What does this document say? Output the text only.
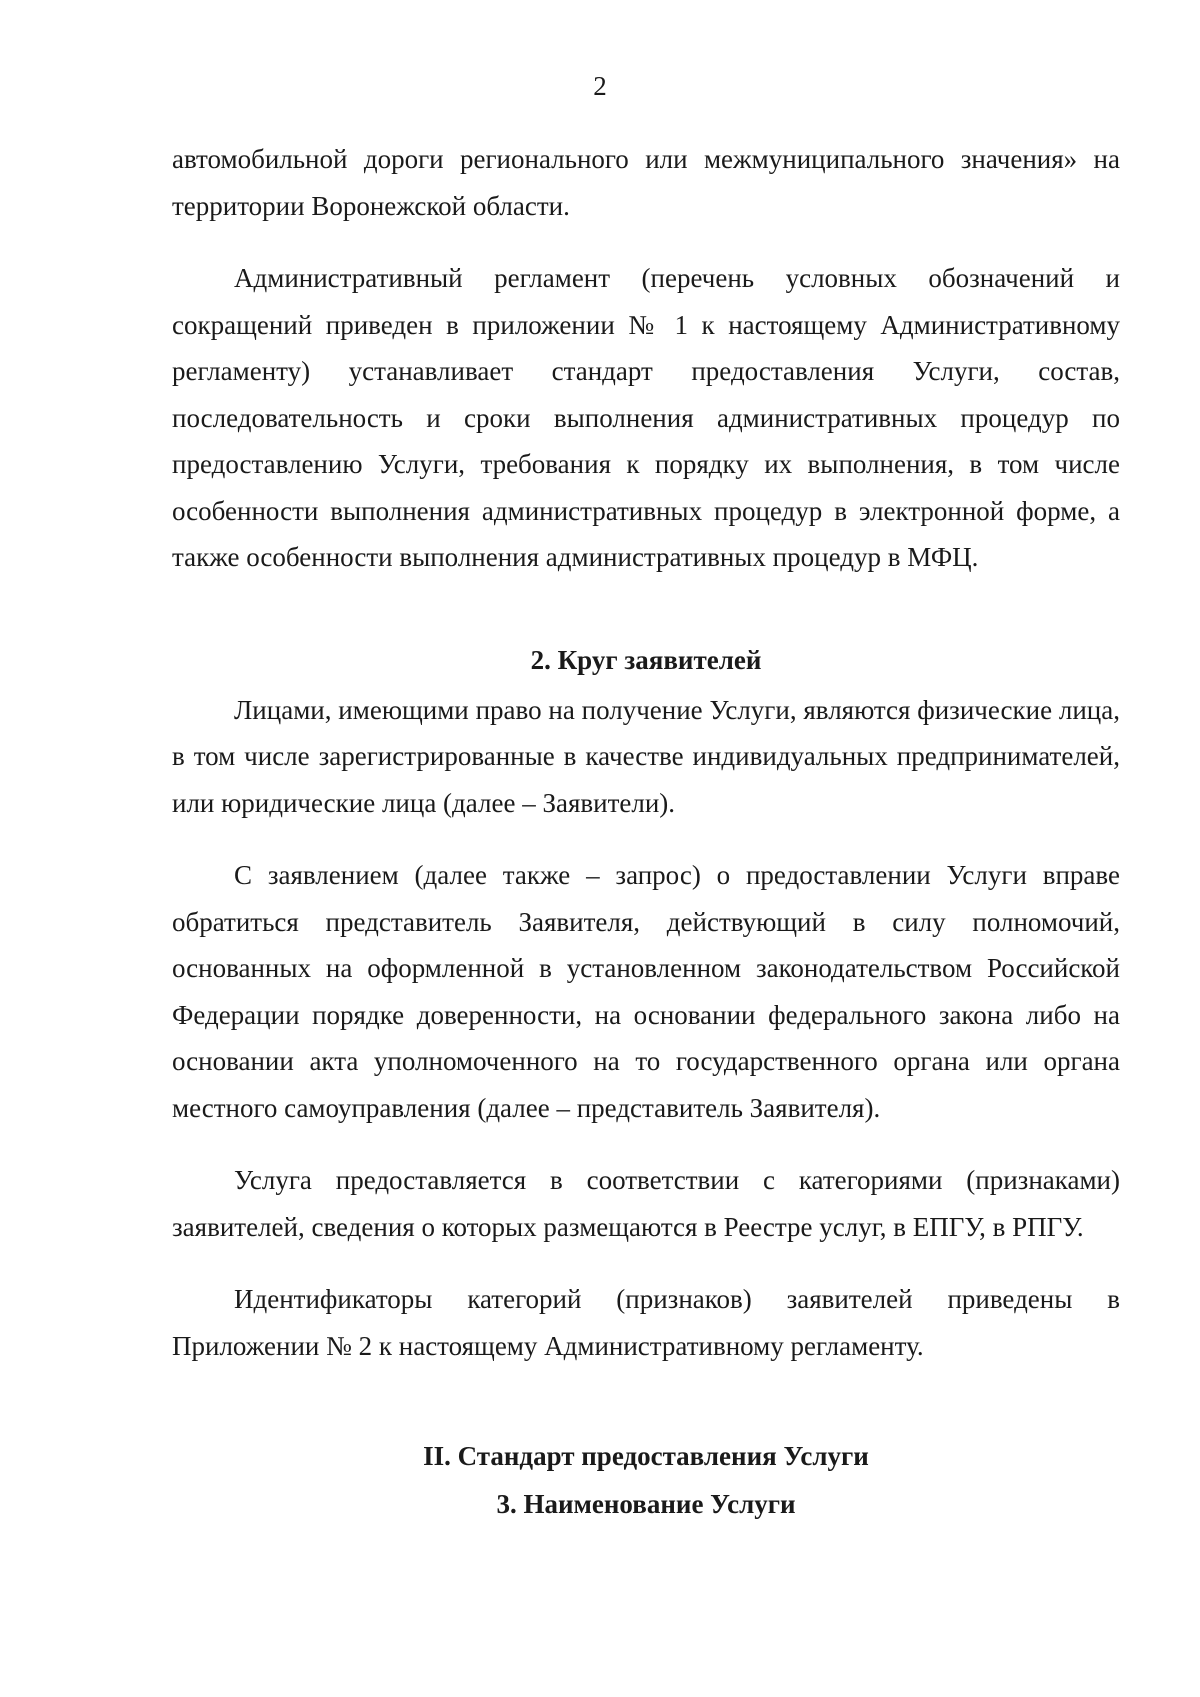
2

автомобильной дороги регионального или межмуниципального значения» на территории Воронежской области.

Административный регламент (перечень условных обозначений и сокращений приведен в приложении № 1 к настоящему Административному регламенту) устанавливает стандарт предоставления Услуги, состав, последовательность и сроки выполнения административных процедур по предоставлению Услуги, требования к порядку их выполнения, в том числе особенности выполнения административных процедур в электронной форме, а также особенности выполнения административных процедур в МФЦ.

2. Круг заявителей

Лицами, имеющими право на получение Услуги, являются физические лица, в том числе зарегистрированные в качестве индивидуальных предпринимателей, или юридические лица (далее – Заявители).

С заявлением (далее также – запрос) о предоставлении Услуги вправе обратиться представитель Заявителя, действующий в силу полномочий, основанных на оформленной в установленном законодательством Российской Федерации порядке доверенности, на основании федерального закона либо на основании акта уполномоченного на то государственного органа или органа местного самоуправления (далее – представитель Заявителя).

Услуга предоставляется в соответствии с категориями (признаками) заявителей, сведения о которых размещаются в Реестре услуг, в ЕПГУ, в РПГУ.

Идентификаторы категорий (признаков) заявителей приведены в Приложении № 2 к настоящему Административному регламенту.

II. Стандарт предоставления Услуги
3. Наименование Услуги
